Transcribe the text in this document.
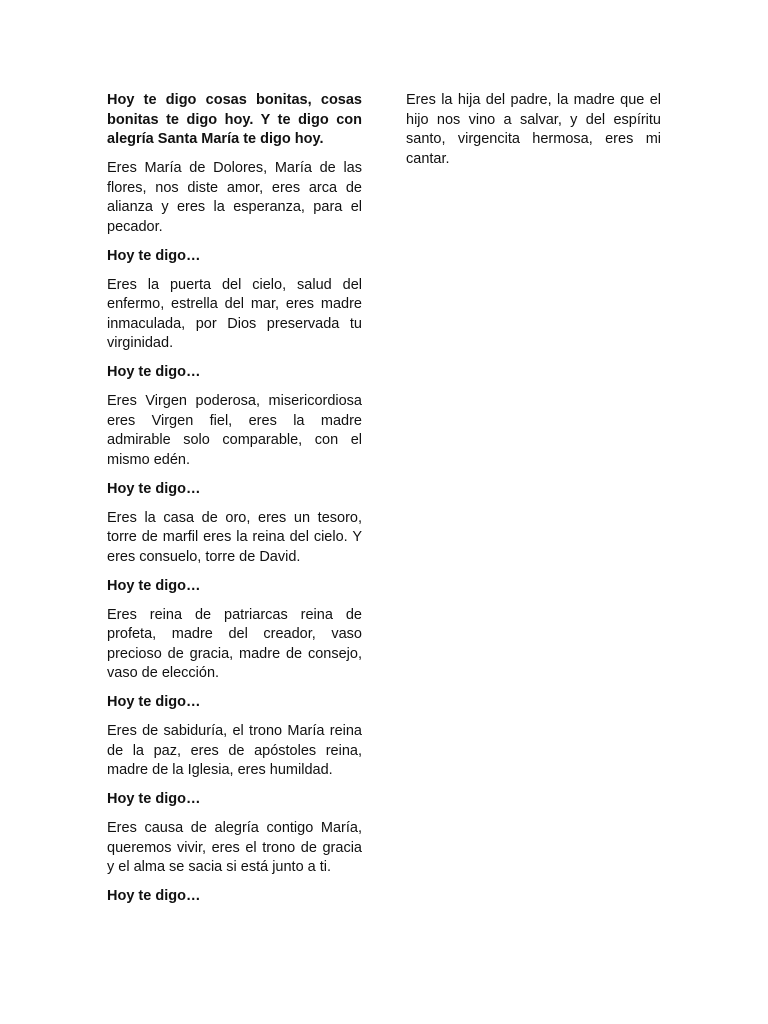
Hoy te digo cosas bonitas, cosas bonitas te digo hoy. Y te digo con alegría Santa María te digo hoy.

Eres María de Dolores, María de las flores, nos diste amor, eres arca de alianza y eres la esperanza, para el pecador.

Hoy te digo…

Eres la puerta del cielo, salud del enfermo, estrella del mar, eres madre inmaculada, por Dios preservada tu virginidad.

Hoy te digo…

Eres Virgen poderosa, misericordiosa eres Virgen fiel, eres la madre admirable solo comparable, con el mismo edén.

Hoy te digo…

Eres la casa de oro, eres un tesoro, torre de marfil eres la reina del cielo. Y eres consuelo, torre de David.

Hoy te digo…

Eres reina de patriarcas reina de profeta, madre del creador, vaso precioso de gracia, madre de consejo, vaso de elección.

Hoy te digo…

Eres de sabiduría, el trono María reina de la paz, eres de apóstoles reina, madre de la Iglesia, eres humildad.

Hoy te digo…

Eres causa de alegría contigo María, queremos vivir, eres el trono de gracia y el alma se sacia si está junto a ti.

Hoy te digo…

Eres la hija del padre, la madre que el hijo nos vino a salvar, y del espíritu santo, virgencita hermosa, eres mi cantar.
